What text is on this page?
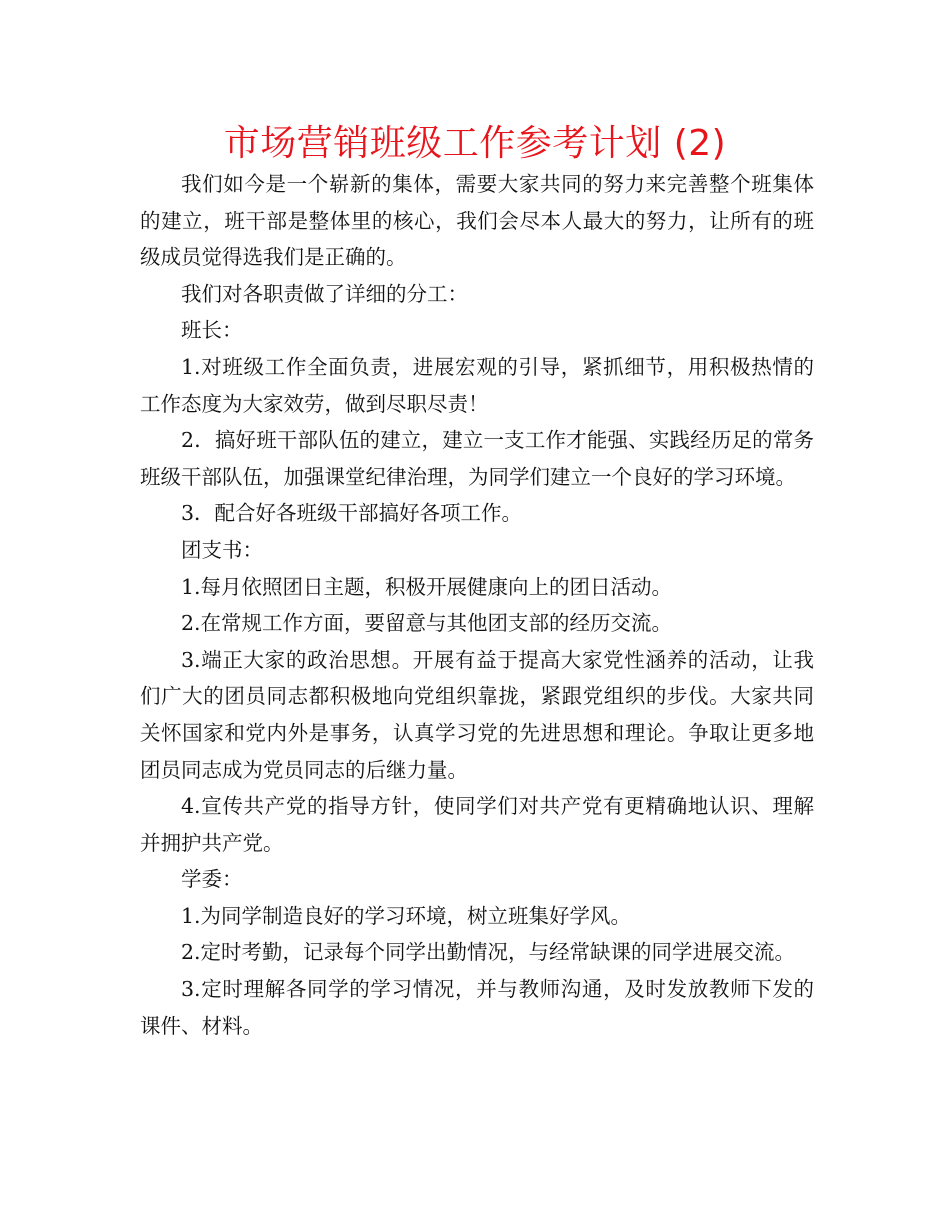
市场营销班级工作参考计划 (2)

我们如今是一个崭新的集体，需要大家共同的努力来完善整个班集体的建立，班干部是整体里的核心，我们会尽本人最大的努力，让所有的班级成员觉得选我们是正确的。

我们对各职责做了详细的分工：

班长：

1.对班级工作全面负责，进展宏观的引导，紧抓细节，用积极热情的工作态度为大家效劳，做到尽职尽责！

2．搞好班干部队伍的建立，建立一支工作才能强、实践经历足的常务班级干部队伍，加强课堂纪律治理，为同学们建立一个良好的学习环境。

3．配合好各班级干部搞好各项工作。

团支书：

1.每月依照团日主题，积极开展健康向上的团日活动。

2.在常规工作方面，要留意与其他团支部的经历交流。

3.端正大家的政治思想。开展有益于提高大家党性涵养的活动，让我们广大的团员同志都积极地向党组织靠拢，紧跟党组织的步伐。大家共同关怀国家和党内外是事务，认真学习党的先进思想和理论。争取让更多地团员同志成为党员同志的后继力量。

4.宣传共产党的指导方针，使同学们对共产党有更精确地认识、理解并拥护共产党。

学委：

1.为同学制造良好的学习环境，树立班集好学风。

2.定时考勤，记录每个同学出勤情况，与经常缺课的同学进展交流。

3.定时理解各同学的学习情况，并与教师沟通，及时发放教师下发的课件、材料。
